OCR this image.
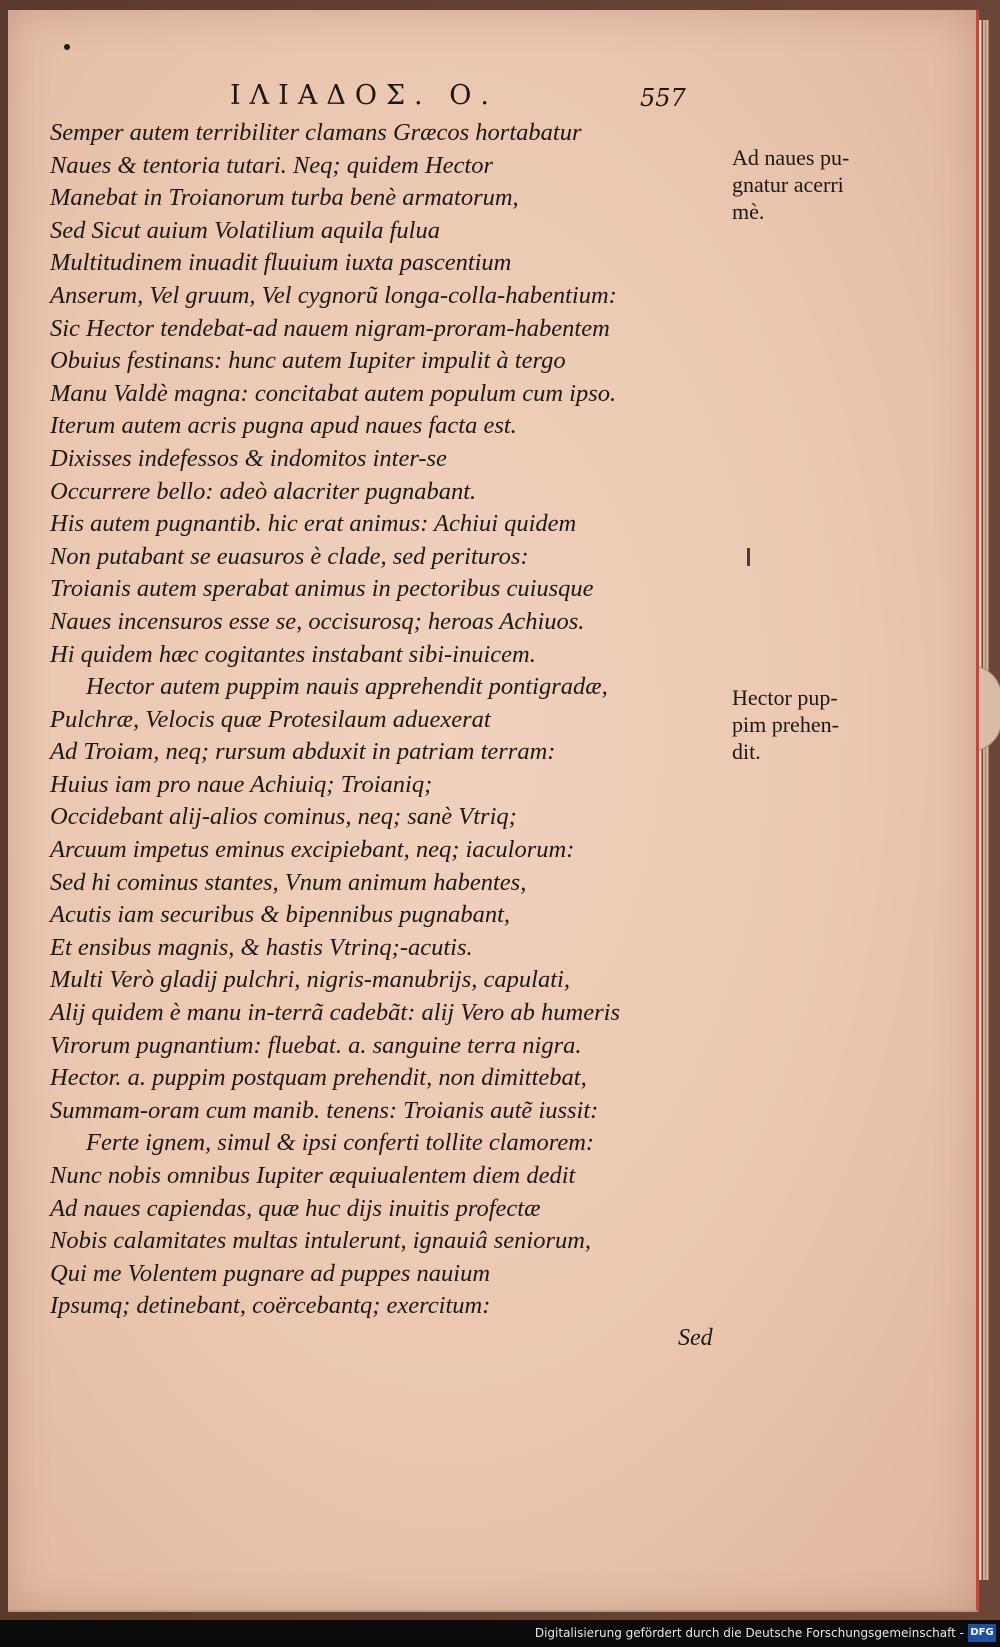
ΙΛΙΑΔΟΣ. Ο.	557
Semper autem terribiliter clamans Græcos hortabatur
Naues & tentoria tutari. Neq; quidem Hector
Manebat in Troianorum turba benè armatorum,
Sed Sicut auium Volatilium aquila fulua
Multitudinem inuadit fluuium iuxta pascentium
Anserum, Vel gruum, Vel cygnorũ longa-colla-habentium:
Sic Hector tendebat-ad nauem nigram-proram-habentem
Obuius festinans: hunc autem Iupiter impulit à tergo
Manu Valdè magna: concitabat autem populum cum ipso.
Iterum autem acris pugna apud naues facta est.
Dixisses indefessos & indomitos inter-se
Occurrere bello: adeò alacriter pugnabant.
His autem pugnantib. hic erat animus: Achiui quidem
Non putabant se euasuros è clade, sed perituros:
Troianis autem sperabat animus in pectoribus cuiusque
Naues incensuros esse se, occisurosq; heroas Achiuos.
Hi quidem hæc cogitantes instabant sibi-inuicem.
Hector autem puppim nauis apprehendit pontigradæ,
Pulchræ, Velocis quæ Protesilaum aduexerat
Ad Troiam, neq; rursum abduxit in patriam terram:
Huius iam pro naue Achiuiq; Troianiq;
Occidebant alij-alios cominus, neq; sanè Vtriq;
Arcuum impetus eminus excipiebant, neq; iaculorum:
Sed hi cominus stantes, Vnum animum habentes,
Acutis iam securibus & bipennibus pugnabant,
Et ensibus magnis, & hastis Vtrinq;-acutis.
Multi Verò gladij pulchri, nigris-manubrijs, capulati,
Alij quidem è manu in-terrã cadebãt: alij Vero ab humeris
Virorum pugnantium: fluebat. a. sanguine terra nigra.
Hector. a. puppim postquam prehendit, non dimittebat,
Summam-oram cum manib. tenens: Troianis autẽ iussit:
Ferte ignem, simul & ipsi conferti tollite clamorem:
Nunc nobis omnibus Iupiter æquiualentem diem dedit
Ad naues capiendas, quæ huc dijs inuitis profectæ
Nobis calamitates multas intulerunt, ignauiâ seniorum,
Qui me Volentem pugnare ad puppes nauium
Ipsumq; detinebant, coërcebantq; exercitum:
Sed
Ad naues pu-
gnatur acerri
mè.
Hector pup-
pim prehen-
dit.
Digitalisierung gefördert durch die Deutsche Forschungsgemeinschaft - DFG
